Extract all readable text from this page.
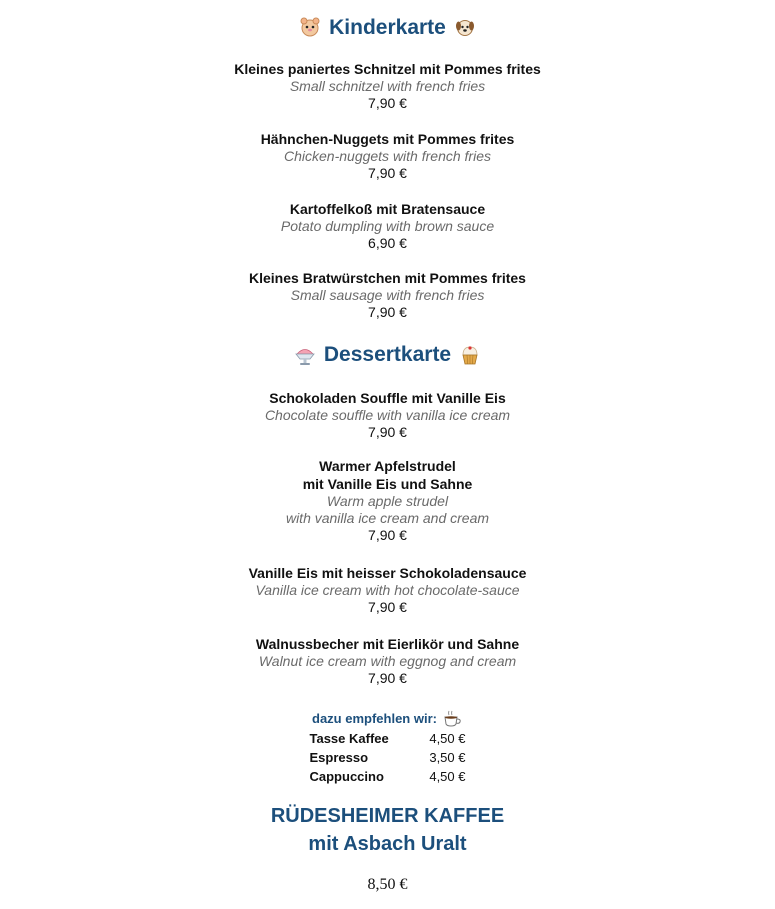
Kinderkarte
Kleines paniertes Schnitzel mit Pommes frites
Small schnitzel with french fries
7,90 €
Hähnchen-Nuggets mit Pommes frites
Chicken-nuggets with french fries
7,90 €
Kartoffelkoß mit Bratensauce
Potato dumpling with brown sauce
6,90 €
Kleines Bratwürstchen mit Pommes frites
Small sausage with french fries
7,90 €
Dessertkarte
Schokoladen Souffle mit Vanille Eis
Chocolate souffle with vanilla ice cream
7,90 €
Warmer Apfelstrudel
mit Vanille Eis und Sahne
Warm apple strudel
with vanilla ice cream and cream
7,90 €
Vanille Eis mit heisser Schokoladensauce
Vanilla ice cream with hot chocolate-sauce
7,90 €
Walnussbecher mit Eierlikör und Sahne
Walnut ice cream with eggnog and cream
7,90 €
dazu empfehlen wir:
Tasse Kaffee	4,50 €
Espresso	3,50 €
Cappuccino	4,50 €
RÜDESHEIMER KAFFEE
mit Asbach Uralt
8,50 €
